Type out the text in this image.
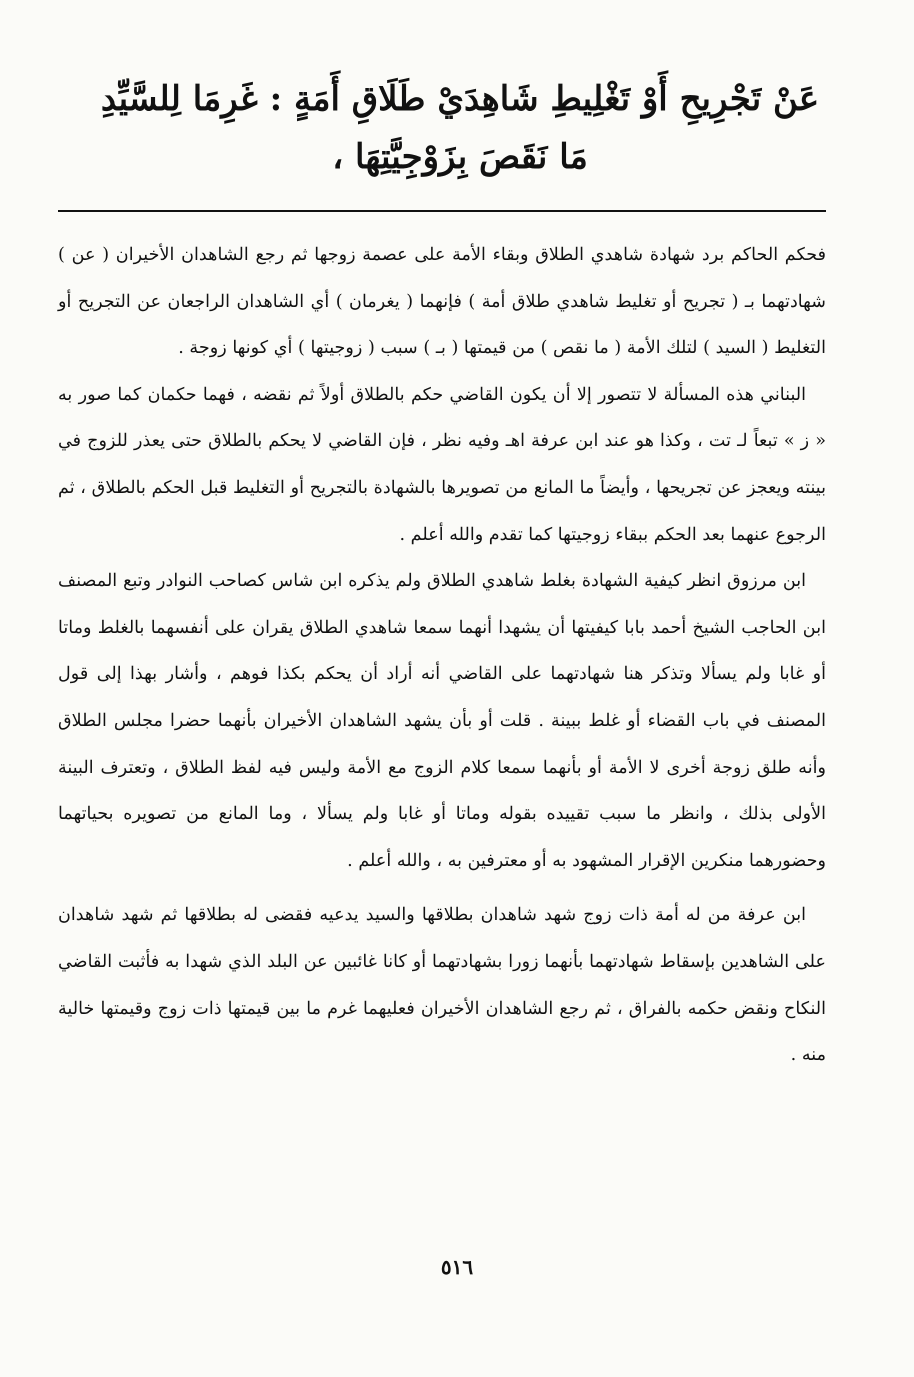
عَنْ تَجْرِيحِ أَوْ تَغْلِيطِ شَاهِدَيْ طَلَاقِ أَمَةٍ : غَرِمَا لِلسَّيِّدِ
مَا نَقَصَ بِزَوْجِيَّتِهَا ،

فحكم الحاكم برد شهادة شاهدي الطلاق وبقاء الأمة على عصمة زوجها ثم رجع الشاهدان الأخيران ( عن ) شهادتهما بـ ( تجريح أو تغليط شاهدي طلاق أمة ) فإنهما ( يغرمان ) أي الشاهدان الراجعان عن التجريح أو التغليط ( السيد ) لتلك الأمة ( ما نقص ) من قيمتها ( بـ ) سبب ( زوجيتها ) أي كونها زوجة .

البناني هذه المسألة لا تتصور إلا أن يكون القاضي حكم بالطلاق أولاً ثم نقضه ، فهما حكمان كما صور به « ز » تبعاً لـ تت ، وكذا هو عند ابن عرفة اهـ وفيه نظر ، فإن القاضي لا يحكم بالطلاق حتى يعذر للزوج في بينته ويعجز عن تجريحها ، وأيضاً ما المانع من تصويرها بالشهادة بالتجريح أو التغليط قبل الحكم بالطلاق ، ثم الرجوع عنهما بعد الحكم ببقاء زوجيتها كما تقدم والله أعلم .

ابن مرزوق انظر كيفية الشهادة بغلط شاهدي الطلاق ولم يذكره ابن شاس كصاحب النوادر وتبع المصنف ابن الحاجب الشيخ أحمد بابا كيفيتها أن يشهدا أنهما سمعا شاهدي الطلاق يقران على أنفسهما بالغلط وماتا أو غابا ولم يسألا وتذكر هنا شهادتهما على القاضي أنه أراد أن يحكم بكذا فوهم ، وأشار بهذا إلى قول المصنف في باب القضاء أو غلط ببينة . قلت أو بأن يشهد الشاهدان الأخيران بأنهما حضرا مجلس الطلاق وأنه طلق زوجة أخرى لا الأمة أو بأنهما سمعا كلام الزوج مع الأمة وليس فيه لفظ الطلاق ، وتعترف البينة الأولى بذلك ، وانظر ما سبب تقييده بقوله وماتا أو غابا ولم يسألا ، وما المانع من تصويره بحياتهما وحضورهما منكرين الإقرار المشهود به أو معترفين به ، والله أعلم .

ابن عرفة من له أمة ذات زوج شهد شاهدان بطلاقها والسيد يدعيه فقضى له بطلاقها ثم شهد شاهدان على الشاهدين بإسقاط شهادتهما بأنهما زورا بشهادتهما أو كانا غائبين عن البلد الذي شهدا به فأثبت القاضي النكاح ونقض حكمه بالفراق ، ثم رجع الشاهدان الأخيران فعليهما غرم ما بين قيمتها ذات زوج وقيمتها خالية منه .

٥١٦
